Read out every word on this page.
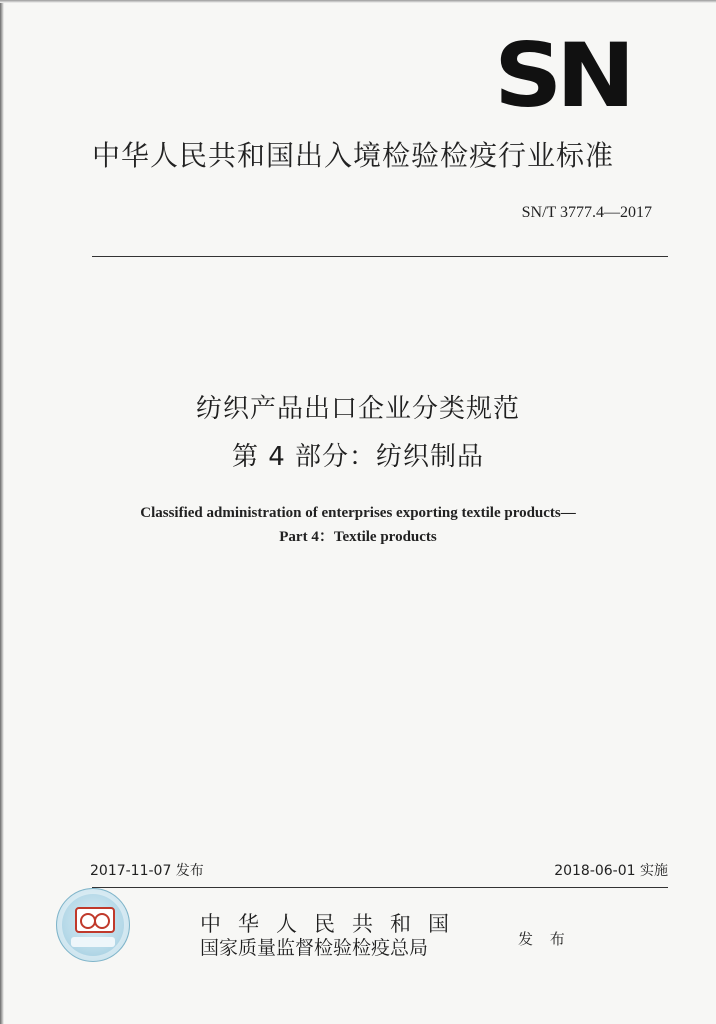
SN
中华人民共和国出入境检验检疫行业标准
SN/T 3777.4—2017
纺织产品出口企业分类规范
第 4 部分：纺织制品
Classified administration of enterprises exporting textile products—
Part 4：Textile products
2017-11-07 发布	2018-06-01 实施
中华人民共和国
国家质量监督检验检疫总局	发 布
